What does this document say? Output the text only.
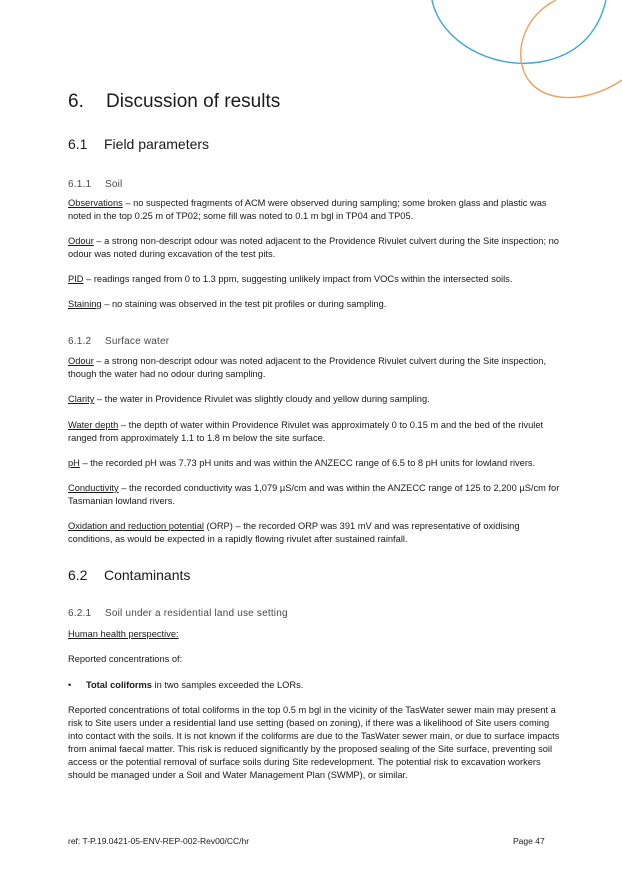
6. Discussion of results
6.1 Field parameters
6.1.1 Soil
Observations – no suspected fragments of ACM were observed during sampling; some broken glass and plastic was noted in the top 0.25 m of TP02; some fill was noted to 0.1 m bgl in TP04 and TP05.
Odour – a strong non-descript odour was noted adjacent to the Providence Rivulet culvert during the Site inspection; no odour was noted during excavation of the test pits.
PID – readings ranged from 0 to 1.3 ppm, suggesting unlikely impact from VOCs within the intersected soils.
Staining – no staining was observed in the test pit profiles or during sampling.
6.1.2 Surface water
Odour – a strong non-descript odour was noted adjacent to the Providence Rivulet culvert during the Site inspection, though the water had no odour during sampling.
Clarity – the water in Providence Rivulet was slightly cloudy and yellow during sampling.
Water depth – the depth of water within Providence Rivulet was approximately 0 to 0.15 m and the bed of the rivulet ranged from approximately 1.1 to 1.8 m below the site surface.
pH – the recorded pH was 7.73 pH units and was within the ANZECC range of 6.5 to 8 pH units for lowland rivers.
Conductivity – the recorded conductivity was 1,079 µS/cm and was within the ANZECC range of 125 to 2,200 µS/cm for Tasmanian lowland rivers.
Oxidation and reduction potential (ORP) – the recorded ORP was 391 mV and was representative of oxidising conditions, as would be expected in a rapidly flowing rivulet after sustained rainfall.
6.2 Contaminants
6.2.1 Soil under a residential land use setting
Human health perspective:
Reported concentrations of:
• Total coliforms in two samples exceeded the LORs.
Reported concentrations of total coliforms in the top 0.5 m bgl in the vicinity of the TasWater sewer main may present a risk to Site users under a residential land use setting (based on zoning), if there was a likelihood of Site users coming into contact with the soils. It is not known if the coliforms are due to the TasWater sewer main, or due to surface impacts from animal faecal matter. This risk is reduced significantly by the proposed sealing of the Site surface, preventing soil access or the potential removal of surface soils during Site redevelopment. The potential risk to excavation workers should be managed under a Soil and Water Management Plan (SWMP), or similar.
ref: T-P.19.0421-05-ENV-REP-002-Rev00/CC/hr	Page 47
